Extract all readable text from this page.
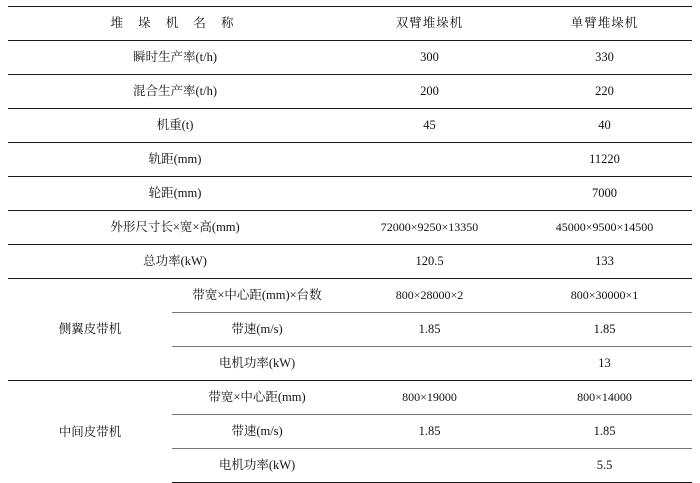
堆 垛 机 名 称		双臂堆垛机	单臂堆垛机
瞬时生产率(t/h)		300	330
混合生产率(t/h)		200	220
机重(t)		45	40
轨距(mm)			11220
轮距(mm)			7000
外形尺寸长×宽×高(mm)		72000×9250×13350	45000×9500×14500
总功率(kW)		120.5	133
侧翼皮带机	带宽×中心距(mm)×台数	800×28000×2	800×30000×1
	带速(m/s)	1.85	1.85
	电机功率(kW)		13
中间皮带机	带宽×中心距(mm)	800×19000	800×14000
	带速(m/s)	1.85	1.85
	电机功率(kW)		5.5
